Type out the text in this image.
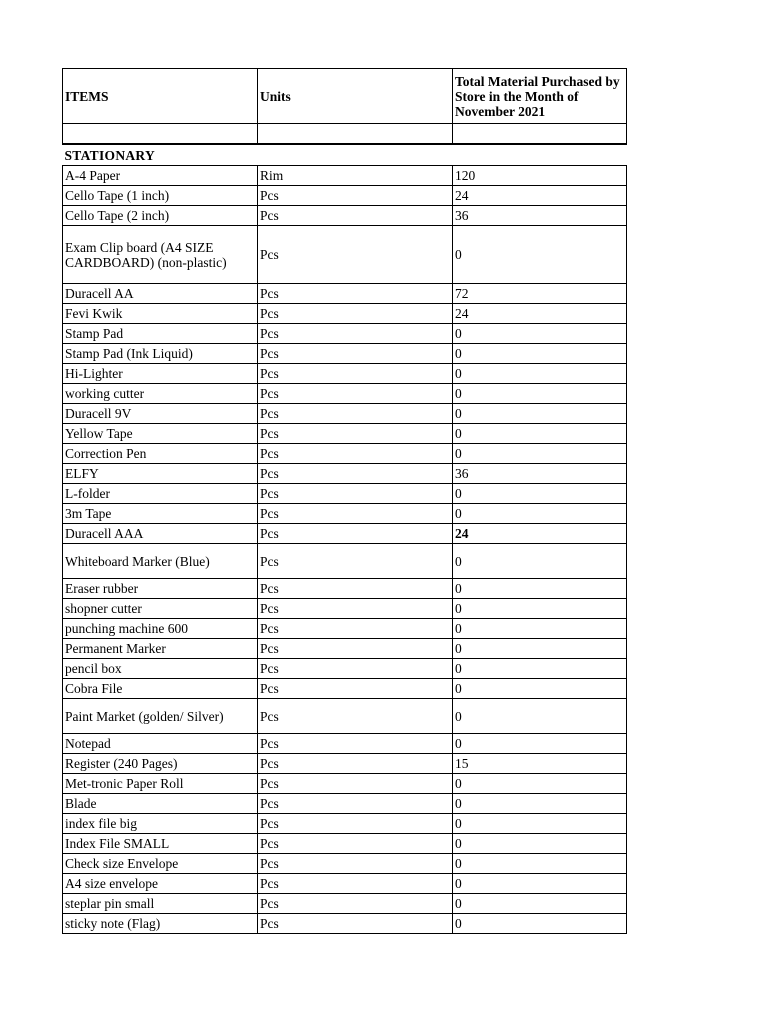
ITEMS	Units	Total Material Purchased by Store in the Month of November 2021

STATIONARY		
A-4 Paper	Rim	120
Cello Tape (1 inch)	Pcs	24
Cello Tape (2 inch)	Pcs	36
Exam Clip board (A4 SIZE CARDBOARD) (non-plastic)	Pcs	0
Duracell AA	Pcs	72
Fevi Kwik	Pcs	24
Stamp Pad	Pcs	0
Stamp Pad (Ink Liquid)	Pcs	0
Hi-Lighter	Pcs	0
working cutter	Pcs	0
Duracell 9V	Pcs	0
Yellow Tape	Pcs	0
Correction Pen	Pcs	0
ELFY	Pcs	36
L-folder	Pcs	0
3m Tape	Pcs	0
Duracell AAA	Pcs	24
Whiteboard Marker (Blue)	Pcs	0
Eraser rubber	Pcs	0
shopner cutter	Pcs	0
punching machine 600	Pcs	0
Permanent Marker	Pcs	0
pencil box	Pcs	0
Cobra File	Pcs	0
Paint Market (golden/ Silver)	Pcs	0
Notepad	Pcs	0
Register (240 Pages)	Pcs	15
Met-tronic Paper Roll	Pcs	0
Blade	Pcs	0
index file big	Pcs	0
Index File SMALL	Pcs	0
Check size Envelope	Pcs	0
A4 size envelope	Pcs	0
steplar pin small	Pcs	0
sticky note (Flag)	Pcs	0
